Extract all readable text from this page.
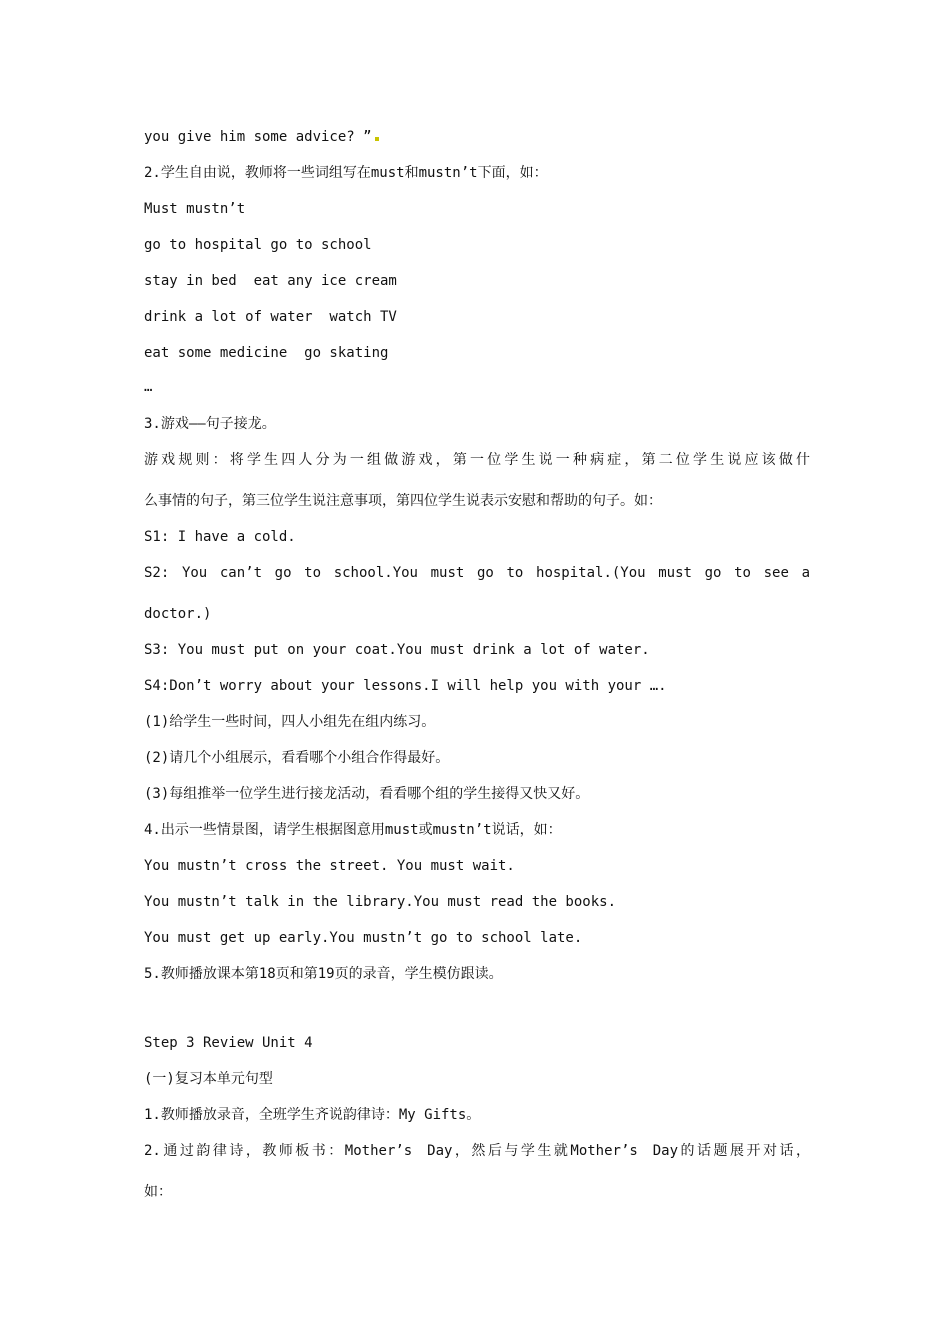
you give him some advice? ”
2.学生自由说，教师将一些词组写在must和mustn’t下面，如：
Must mustn’t
go to hospital go to school
stay in bed  eat any ice cream
drink a lot of water  watch TV
eat some medicine  go skating
…
3.游戏——句子接龙。
游戏规则：将学生四人分为一组做游戏，第一位学生说一种病症，第二位学生说应该做什
么事情的句子，第三位学生说注意事项，第四位学生说表示安慰和帮助的句子。如：
S1: I have a cold.
S2: You can’t go to school.You must go to hospital.(You must go to see a
doctor.)
S3: You must put on your coat.You must drink a lot of water.
S4:Don’t worry about your lessons.I will help you with your ….
(1)给学生一些时间，四人小组先在组内练习。
(2)请几个小组展示，看看哪个小组合作得最好。
(3)每组推举一位学生进行接龙活动，看看哪个组的学生接得又快又好。
4.出示一些情景图，请学生根据图意用must或mustn’t说话，如：
You mustn’t cross the street. You must wait.
You mustn’t talk in the library.You must read the books.
You must get up early.You mustn’t go to school late.
5.教师播放课本第18页和第19页的录音，学生模仿跟读。
Step 3 Review Unit 4
(一)复习本单元句型
1.教师播放录音，全班学生齐说韵律诗：My Gifts。
2.通过韵律诗，教师板书：Mother’s Day，然后与学生就Mother’s Day的话题展开对话，
如：
